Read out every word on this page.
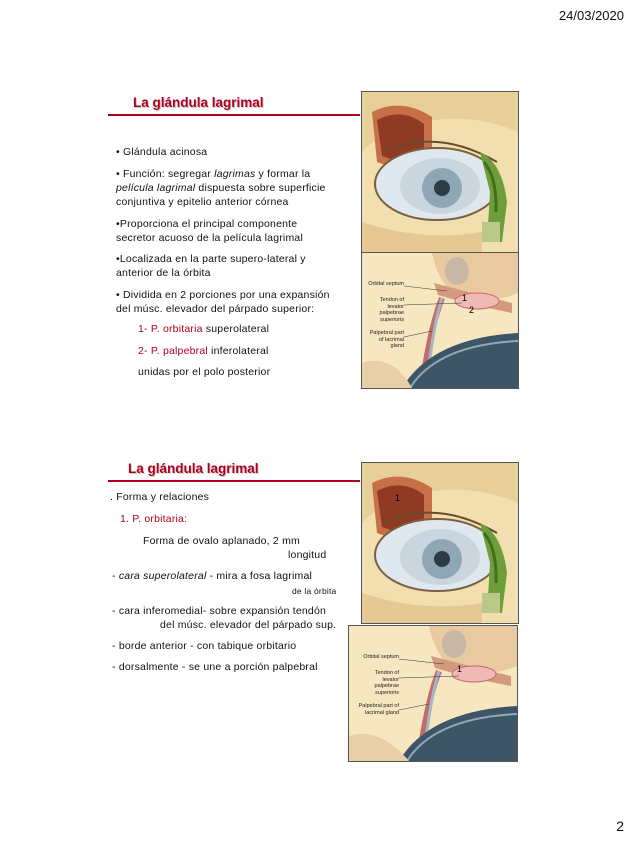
24/03/2020
La glándula lagrimal
• Glándula acinosa
• Función: segregar lagrimas y formar la
película lagrimal dispuesta sobre superficie
conjuntiva y epitelio anterior córnea
•Proporciona el principal componente
secretor acuoso de la película lagrimal
•Localizada en la parte supero-lateral y
anterior de la órbita
• Dividida en 2 porciones por una expansión
del músc. elevador del párpado superior:
1- P. orbitaria superolateral
2- P. palpebral inferolateral
unidas por el polo posterior
Orbital septum
Tendon of levator palpebrae superioris
Palpebral part of lacrimal gland
1
2
La glándula lagrimal
. Forma y relaciones
1. P. orbitaria:
Forma de ovalo aplanado, 2 mm
longitud
- cara superolateral - mira a fosa lagrimal
de la órbita
- cara inferomedial- sobre expansión tendón
del músc. elevador del párpado sup.
- borde anterior - con tabique orbitario
- dorsalmente - se une a porción palpebral
1
Orbital septum
Tendon of levator palpebrae superioris
Palpebral part of lacrimal gland
1
2
